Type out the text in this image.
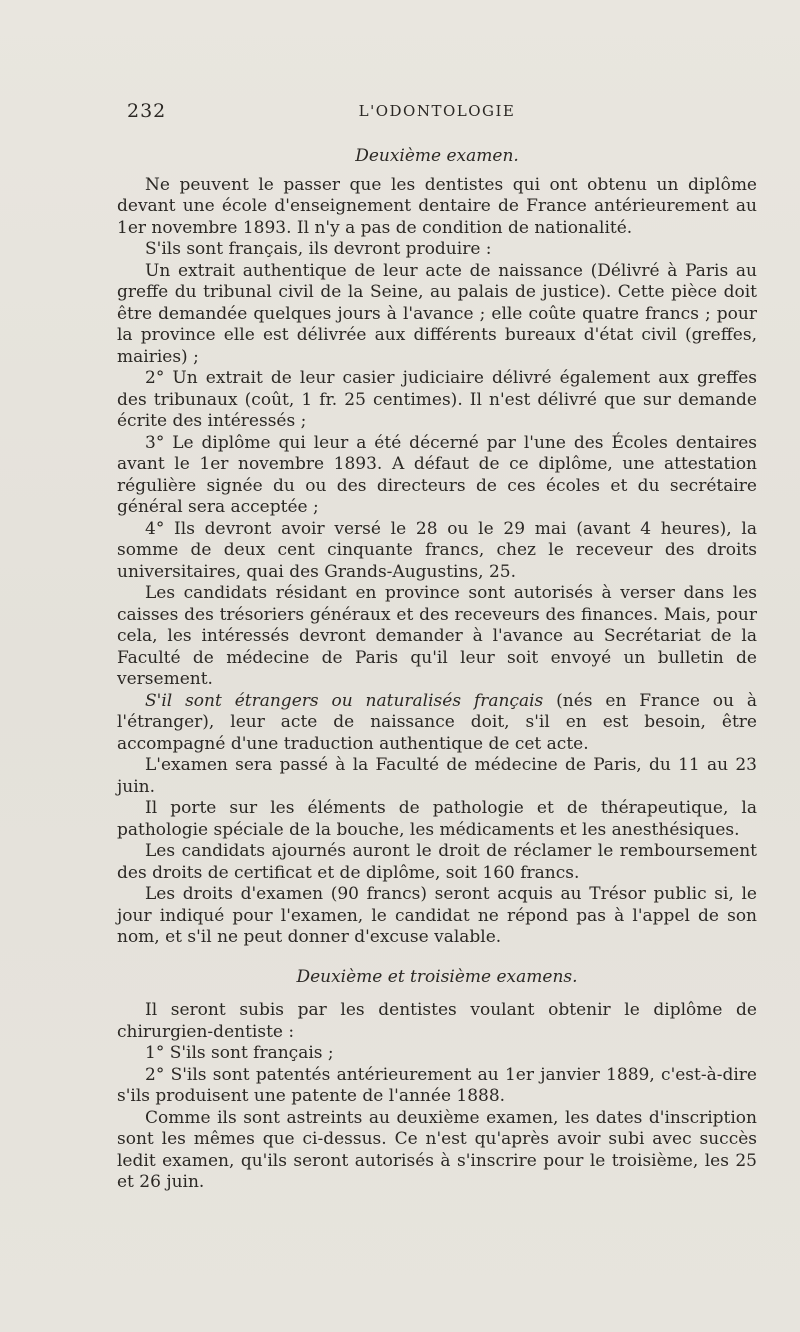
232	L'ODONTOLOGIE
Deuxième examen.

Ne peuvent le passer que les dentistes qui ont obtenu un diplôme devant une école d'enseignement dentaire de France antérieurement au 1er novembre 1893. Il n'y a pas de condition de nationalité.

S'ils sont français, ils devront produire :

Un extrait authentique de leur acte de naissance (Délivré à Paris au greffe du tribunal civil de la Seine, au palais de justice). Cette pièce doit être demandée quelques jours à l'avance ; elle coûte quatre francs ; pour la province elle est délivrée aux différents bureaux d'état civil (greffes, mairies) ;

2° Un extrait de leur casier judiciaire délivré également aux greffes des tribunaux (coût, 1 fr. 25 centimes). Il n'est délivré que sur demande écrite des intéressés ;

3° Le diplôme qui leur a été décerné par l'une des Écoles dentaires avant le 1er novembre 1893. A défaut de ce diplôme, une attestation régulière signée du ou des directeurs de ces écoles et du secrétaire général sera acceptée ;

4° Ils devront avoir versé le 28 ou le 29 mai (avant 4 heures), la somme de deux cent cinquante francs, chez le receveur des droits universitaires, quai des Grands-Augustins, 25.

Les candidats résidant en province sont autorisés à verser dans les caisses des trésoriers généraux et des receveurs des finances. Mais, pour cela, les intéressés devront demander à l'avance au Secrétariat de la Faculté de médecine de Paris qu'il leur soit envoyé un bulletin de versement.

S'il sont étrangers ou naturalisés français (nés en France ou à l'étranger), leur acte de naissance doit, s'il en est besoin, être accompagné d'une traduction authentique de cet acte.

L'examen sera passé à la Faculté de médecine de Paris, du 11 au 23 juin.

Il porte sur les éléments de pathologie et de thérapeutique, la pathologie spéciale de la bouche, les médicaments et les anesthésiques.

Les candidats ajournés auront le droit de réclamer le remboursement des droits de certificat et de diplôme, soit 160 francs.

Les droits d'examen (90 francs) seront acquis au Trésor public si, le jour indiqué pour l'examen, le candidat ne répond pas à l'appel de son nom, et s'il ne peut donner d'excuse valable.

Deuxième et troisième examens.

Il seront subis par les dentistes voulant obtenir le diplôme de chirurgien-dentiste :

1° S'ils sont français ;

2° S'ils sont patentés antérieurement au 1er janvier 1889, c'est-à-dire s'ils produisent une patente de l'année 1888.

Comme ils sont astreints au deuxième examen, les dates d'inscription sont les mêmes que ci-dessus. Ce n'est qu'après avoir subi avec succès ledit examen, qu'ils seront autorisés à s'inscrire pour le troisième, les 25 et 26 juin.
